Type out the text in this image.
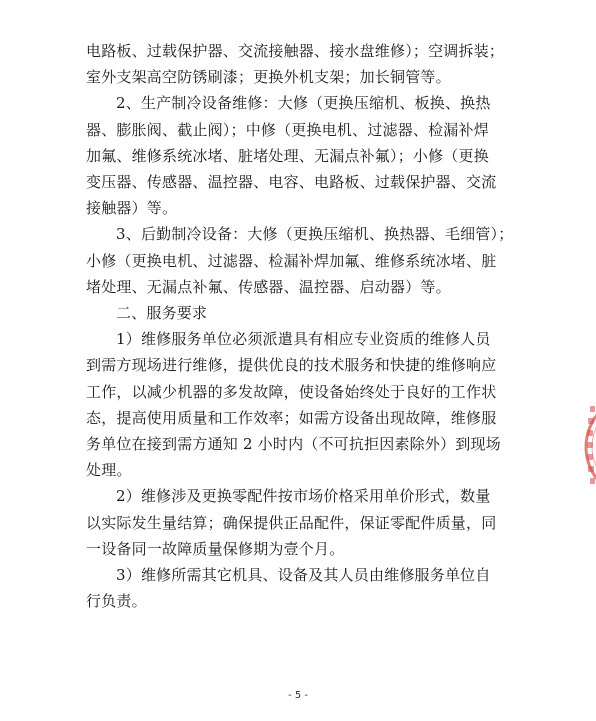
电路板、过载保护器、交流接触器、接水盘维修）；空调拆装；
室外支架高空防锈刷漆；更换外机支架；加长铜管等。
2、生产制冷设备维修：大修（更换压缩机、板换、换热
器、膨胀阀、截止阀）；中修（更换电机、过滤器、检漏补焊
加氟、维修系统冰堵、脏堵处理、无漏点补氟）；小修（更换
变压器、传感器、温控器、电容、电路板、过载保护器、交流
接触器）等。
3、后勤制冷设备：大修（更换压缩机、换热器、毛细管）；
小修（更换电机、过滤器、检漏补焊加氟、维修系统冰堵、脏
堵处理、无漏点补氟、传感器、温控器、启动器）等。
二、服务要求
1）维修服务单位必须派遣具有相应专业资质的维修人员
到需方现场进行维修，提供优良的技术服务和快捷的维修响应
工作，以减少机器的多发故障，使设备始终处于良好的工作状
态，提高使用质量和工作效率；如需方设备出现故障，维修服
务单位在接到需方通知 2 小时内（不可抗拒因素除外）到现场
处理。
2）维修涉及更换零配件按市场价格采用单价形式，数量
以实际发生量结算；确保提供正品配件，保证零配件质量，同
一设备同一故障质量保修期为壹个月。
3）维修所需其它机具、设备及其人员由维修服务单位自
行负责。
- 5 -
